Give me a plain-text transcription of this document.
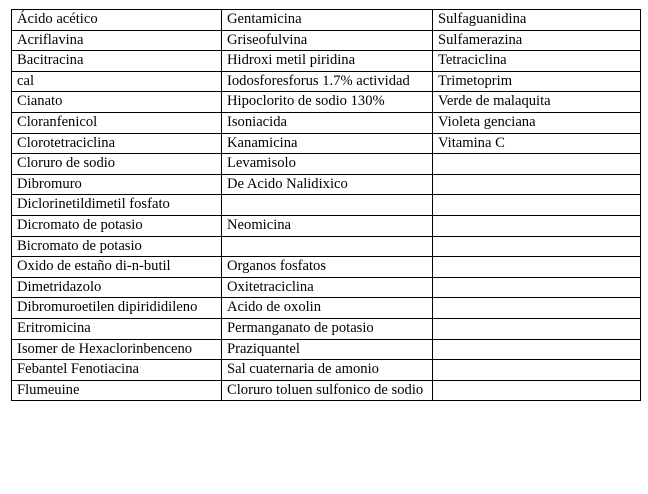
Ácido acético	Gentamicina	Sulfaguanidina
Acriflavina	Griseofulvina	Sulfamerazina
Bacitracina	Hidroxi metil piridina	Tetraciclina
cal	Iodosforesforus 1.7% actividad	Trimetoprim
Cianato	Hipoclorito de sodio 130%	Verde de malaquita
Cloranfenicol	Isoniacida	Violeta genciana
Clorotetraciclina	Kanamicina	Vitamina C
Cloruro de sodio	Levamisolo	
Dibromuro	De Acido Nalidixico	
Diclorinetildimetil fosfato		
Dicromato de potasio	Neomicina	
Bicromato de potasio		
Oxido de estaño di-n-butil	Organos fosfatos	
Dimetridazolo	Oxitetraciclina	
Dibromuroetilen dipirididileno	Acido de oxolin	
Eritromicina	Permanganato de potasio	
Isomer de Hexaclorinbenceno	Praziquantel	
Febantel Fenotiacina	Sal cuaternaria de amonio	
Flumeuine	Cloruro toluen sulfonico de sodio	
